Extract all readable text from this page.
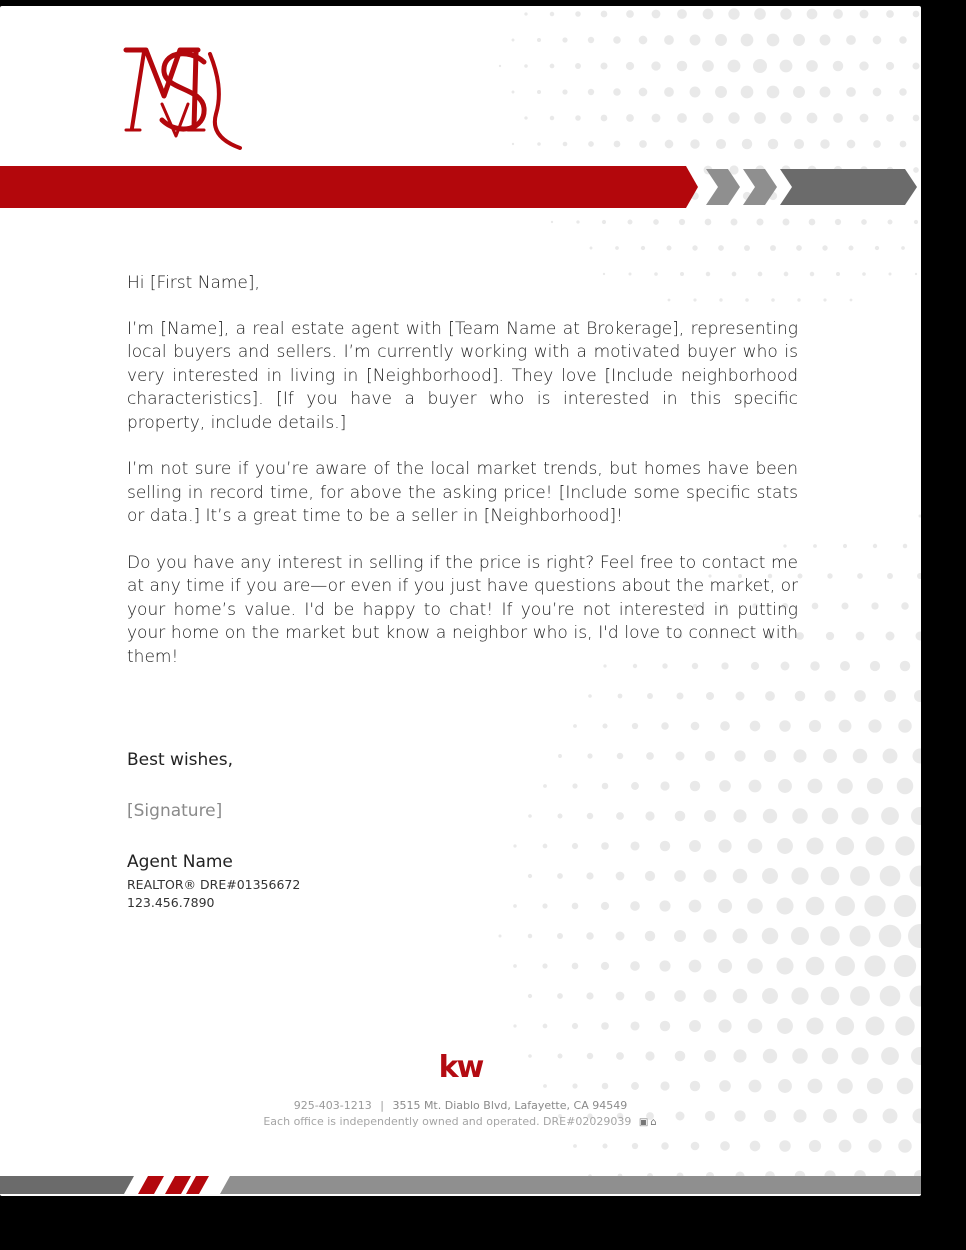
Hi [First Name],

I’m [Name], a real estate agent with [Team Name at Brokerage], representing local buyers and sellers. I’m currently working with a motivated buyer who is very interested in living in [Neighborhood]. They love [Include neighborhood characteristics]. [If you have a buyer who is interested in this specific property, include details.]

I’m not sure if you’re aware of the local market trends, but homes have been selling in record time, for above the asking price! [Include some specific stats or data.] It’s a great time to be a seller in [Neighborhood]!

Do you have any interest in selling if the price is right? Feel free to contact me at any time if you are—or even if you just have questions about the market, or your home’s value. I'd be happy to chat! If you’re not interested in putting your home on the market but know a neighbor who is, I'd love to connect with them!

Best wishes,
[Signature]
Agent Name
REALTOR® DRE#01356672
123.456.7890
kw
925-403-1213 | 3515 Mt. Diablo Blvd, Lafayette, CA 94549
Each office is independently owned and operated. DRE#02029039 ▣⌂
